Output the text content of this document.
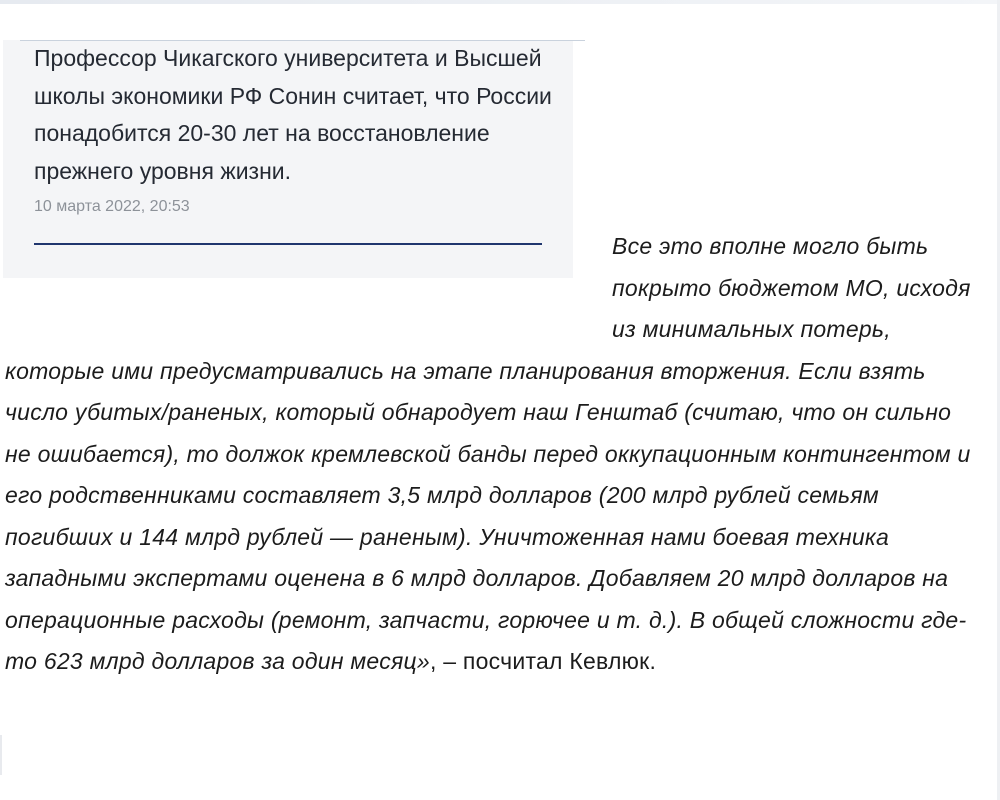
Профессор Чикагского университета и Высшей школы экономики РФ Сонин считает, что России понадобится 20-30 лет на восстановление прежнего уровня жизни.

10 марта 2022, 20:53

Все это вполне могло быть покрыто бюджетом МО, исходя из минимальных потерь, которые ими предусматривались на этапе планирования вторжения. Если взять число убитых/раненых, который обнародует наш Генштаб (считаю, что он сильно не ошибается), то должок кремлевской банды перед оккупационным контингентом и его родственниками составляет 3,5 млрд долларов (200 млрд рублей семьям погибших и 144 млрд рублей — раненым). Уничтоженная нами боевая техника западными экспертами оценена в 6 млрд долларов. Добавляем 20 млрд долларов на операционные расходы (ремонт, запчасти, горючее и т. д.). В общей сложности где-то 623 млрд долларов за один месяц», – посчитал Кевлюк.
